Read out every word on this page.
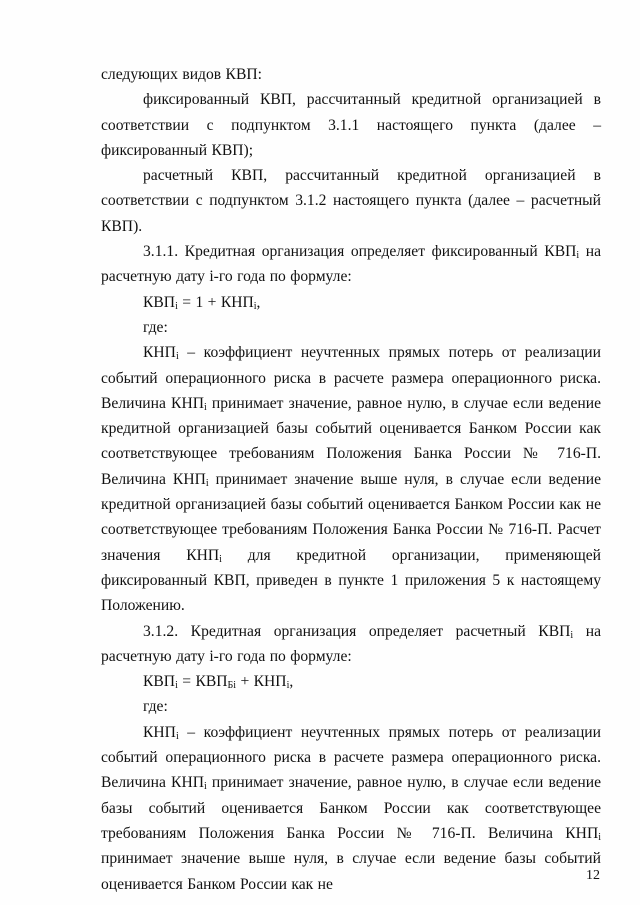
следующих видов КВП:

фиксированный КВП, рассчитанный кредитной организацией в соответствии с подпунктом 3.1.1 настоящего пункта (далее – фиксированный КВП);

расчетный КВП, рассчитанный кредитной организацией в соответствии с подпунктом 3.1.2 настоящего пункта (далее – расчетный КВП).

3.1.1. Кредитная организация определяет фиксированный $КВП_i$ на расчетную дату i-го года по формуле:

$КВП_i = 1 + КНП_i$,

где:

$КНП_i$ – коэффициент неучтенных прямых потерь от реализации событий операционного риска в расчете размера операционного риска. Величина $КНП_i$ принимает значение, равное нулю, в случае если ведение кредитной организацией базы событий оценивается Банком России как соответствующее требованиям Положения Банка России № 716-П. Величина $КНП_i$ принимает значение выше нуля, в случае если ведение кредитной организацией базы событий оценивается Банком России как не соответствующее требованиям Положения Банка России № 716-П. Расчет значения $КНП_i$ для кредитной организации, применяющей фиксированный КВП, приведен в пункте 1 приложения 5 к настоящему Положению.

3.1.2. Кредитная организация определяет расчетный $КВП_i$ на расчетную дату i-го года по формуле:

$КВП_i = КВП_{Бi} + КНП_i$,

где:

$КНП_i$ – коэффициент неучтенных прямых потерь от реализации событий операционного риска в расчете размера операционного риска. Величина $КНП_i$ принимает значение, равное нулю, в случае если ведение базы событий оценивается Банком России как соответствующее требованиям Положения Банка России № 716-П. Величина $КНП_i$ принимает значение выше нуля, в случае если ведение базы событий оценивается Банком России как не	12
